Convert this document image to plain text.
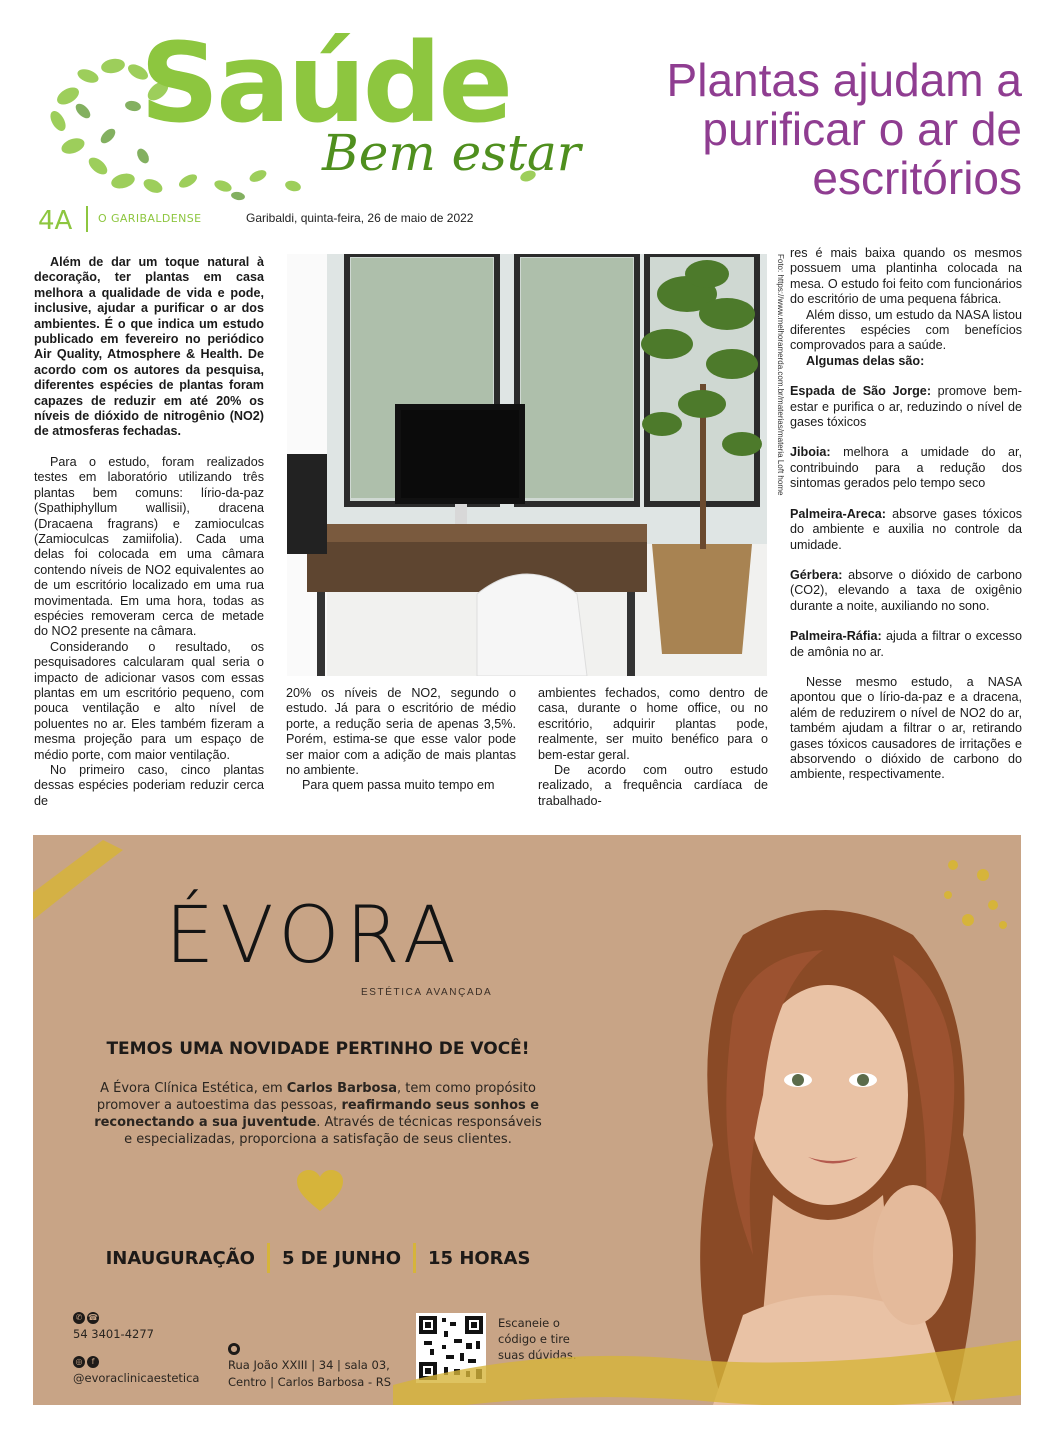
Saúde
Bem estar
Plantas ajudam a purificar o ar de escritórios
4A O GARIBALDENSE	Garibaldi, quinta-feira, 26 de maio de 2022

Além de dar um toque natural à decoração, ter plantas em casa melhora a qualidade de vida e pode, inclusive, ajudar a purificar o ar dos ambientes. É o que indica um estudo publicado em fevereiro no periódico Air Quality, Atmosphere & Health. De acordo com os autores da pesquisa, diferentes espécies de plantas foram capazes de reduzir em até 20% os níveis de dióxido de nitrogênio (NO2) de atmosferas fechadas.

Para o estudo, foram realizados testes em laboratório utilizando três plantas bem comuns: lírio-da-paz (Spathiphyllum wallisii), dracena (Dracaena fragrans) e zamioculcas (Zamioculcas zamiifolia). Cada uma delas foi colocada em uma câmara contendo níveis de NO2 equivalentes ao de um escritório localizado em uma rua movimentada. Em uma hora, todas as espécies removeram cerca de metade do NO2 presente na câmara.

Considerando o resultado, os pesquisadores calcularam qual seria o impacto de adicionar vasos com essas plantas em um escritório pequeno, com pouca ventilação e alto nível de poluentes no ar. Eles também fizeram a mesma projeção para um espaço de médio porte, com maior ventilação.

No primeiro caso, cinco plantas dessas espécies poderiam reduzir cerca de

Foto: https://www.melhoramerda.com.br/materias/materia Loft home

20% os níveis de NO2, segundo o estudo. Já para o escritório de médio porte, a redução seria de apenas 3,5%. Porém, estima-se que esse valor pode ser maior com a adição de mais plantas no ambiente.

Para quem passa muito tempo em

ambientes fechados, como dentro de casa, durante o home office, ou no escritório, adquirir plantas pode, realmente, ser muito benéfico para o bem-estar geral.

De acordo com outro estudo realizado, a frequência cardíaca de trabalhado-

res é mais baixa quando os mesmos possuem uma plantinha colocada na mesa. O estudo foi feito com funcionários do escritório de uma pequena fábrica.

Além disso, um estudo da NASA listou diferentes espécies com benefícios comprovados para a saúde.

Algumas delas são:

Espada de São Jorge: promove bem-estar e purifica o ar, reduzindo o nível de gases tóxicos

Jiboia: melhora a umidade do ar, contribuindo para a redução dos sintomas gerados pelo tempo seco

Palmeira-Areca: absorve gases tóxicos do ambiente e auxilia no controle da umidade.

Gérbera: absorve o dióxido de carbono (CO2), elevando a taxa de oxigênio durante a noite, auxiliando no sono.

Palmeira-Ráfia: ajuda a filtrar o excesso de amônia no ar.

Nesse mesmo estudo, a NASA apontou que o lírio-da-paz e a dracena, além de reduzirem o nível de NO2 do ar, também ajudam a filtrar o ar, retirando gases tóxicos causadores de irritações e absorvendo o dióxido de carbono do ambiente, respectivamente.

ÉVORA
ESTÉTICA AVANÇADA
TEMOS UMA NOVIDADE PERTINHO DE VOCÊ!
A Évora Clínica Estética, em Carlos Barbosa, tem como propósito promover a autoestima das pessoas, reafirmando seus sonhos e reconectando a sua juventude. Através de técnicas responsáveis e especializadas, proporciona a satisfação de seus clientes.
INAUGURAÇÃO 5 DE JUNHO 15 HORAS
✆ ☎
54 3401-4277
◎ f
@evoraclinicaestetica
●
Rua João XXIII | 34 | sala 03,
Centro | Carlos Barbosa - RS
Escaneie o código e tire suas dúvidas.
